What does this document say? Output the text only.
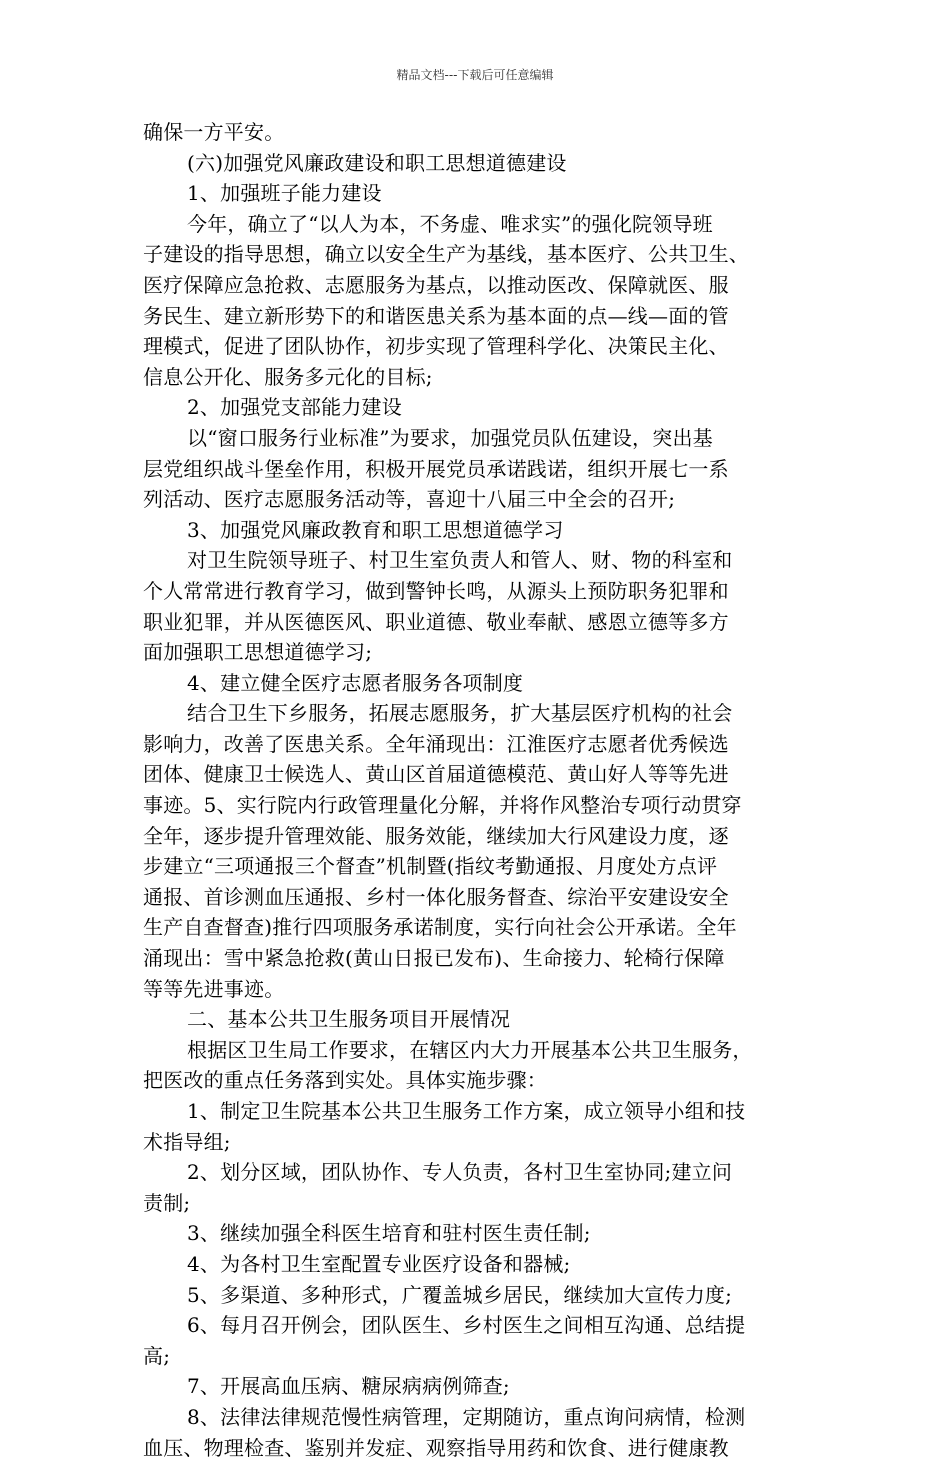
精品文档---下载后可任意编辑
确保一方平安。
(六)加强党风廉政建设和职工思想道德建设
1、加强班子能力建设
今年，确立了“以人为本，不务虚、唯求实”的强化院领导班
子建设的指导思想，确立以安全生产为基线，基本医疗、公共卫生、
医疗保障应急抢救、志愿服务为基点，以推动医改、保障就医、服
务民生、建立新形势下的和谐医患关系为基本面的点—线—面的管
理模式，促进了团队协作，初步实现了管理科学化、决策民主化、
信息公开化、服务多元化的目标;
2、加强党支部能力建设
以“窗口服务行业标准”为要求，加强党员队伍建设，突出基
层党组织战斗堡垒作用，积极开展党员承诺践诺，组织开展七一系
列活动、医疗志愿服务活动等，喜迎十八届三中全会的召开;
3、加强党风廉政教育和职工思想道德学习
对卫生院领导班子、村卫生室负责人和管人、财、物的科室和
个人常常进行教育学习，做到警钟长鸣，从源头上预防职务犯罪和
职业犯罪，并从医德医风、职业道德、敬业奉献、感恩立德等多方
面加强职工思想道德学习;
4、建立健全医疗志愿者服务各项制度
结合卫生下乡服务，拓展志愿服务，扩大基层医疗机构的社会
影响力，改善了医患关系。全年涌现出：江淮医疗志愿者优秀候选
团体、健康卫士候选人、黄山区首届道德模范、黄山好人等等先进
事迹。5、实行院内行政管理量化分解，并将作风整治专项行动贯穿
全年，逐步提升管理效能、服务效能，继续加大行风建设力度，逐
步建立“三项通报三个督查”机制暨(指纹考勤通报、月度处方点评
通报、首诊测血压通报、乡村一体化服务督查、综治平安建设安全
生产自查督查)推行四项服务承诺制度，实行向社会公开承诺。全年
涌现出：雪中紧急抢救(黄山日报已发布)、生命接力、轮椅行保障
等等先进事迹。
二、基本公共卫生服务项目开展情况
根据区卫生局工作要求，在辖区内大力开展基本公共卫生服务，
把医改的重点任务落到实处。具体实施步骤：
1、制定卫生院基本公共卫生服务工作方案，成立领导小组和技
术指导组;
2、划分区域，团队协作、专人负责，各村卫生室协同;建立问
责制;
3、继续加强全科医生培育和驻村医生责任制;
4、为各村卫生室配置专业医疗设备和器械;
5、多渠道、多种形式，广覆盖城乡居民，继续加大宣传力度;
6、每月召开例会，团队医生、乡村医生之间相互沟通、总结提
高;
7、开展高血压病、糖尿病病例筛查;
8、法律法律规范慢性病管理，定期随访，重点询问病情，检测
血压、物理检查、鉴别并发症、观察指导用药和饮食、进行健康教
